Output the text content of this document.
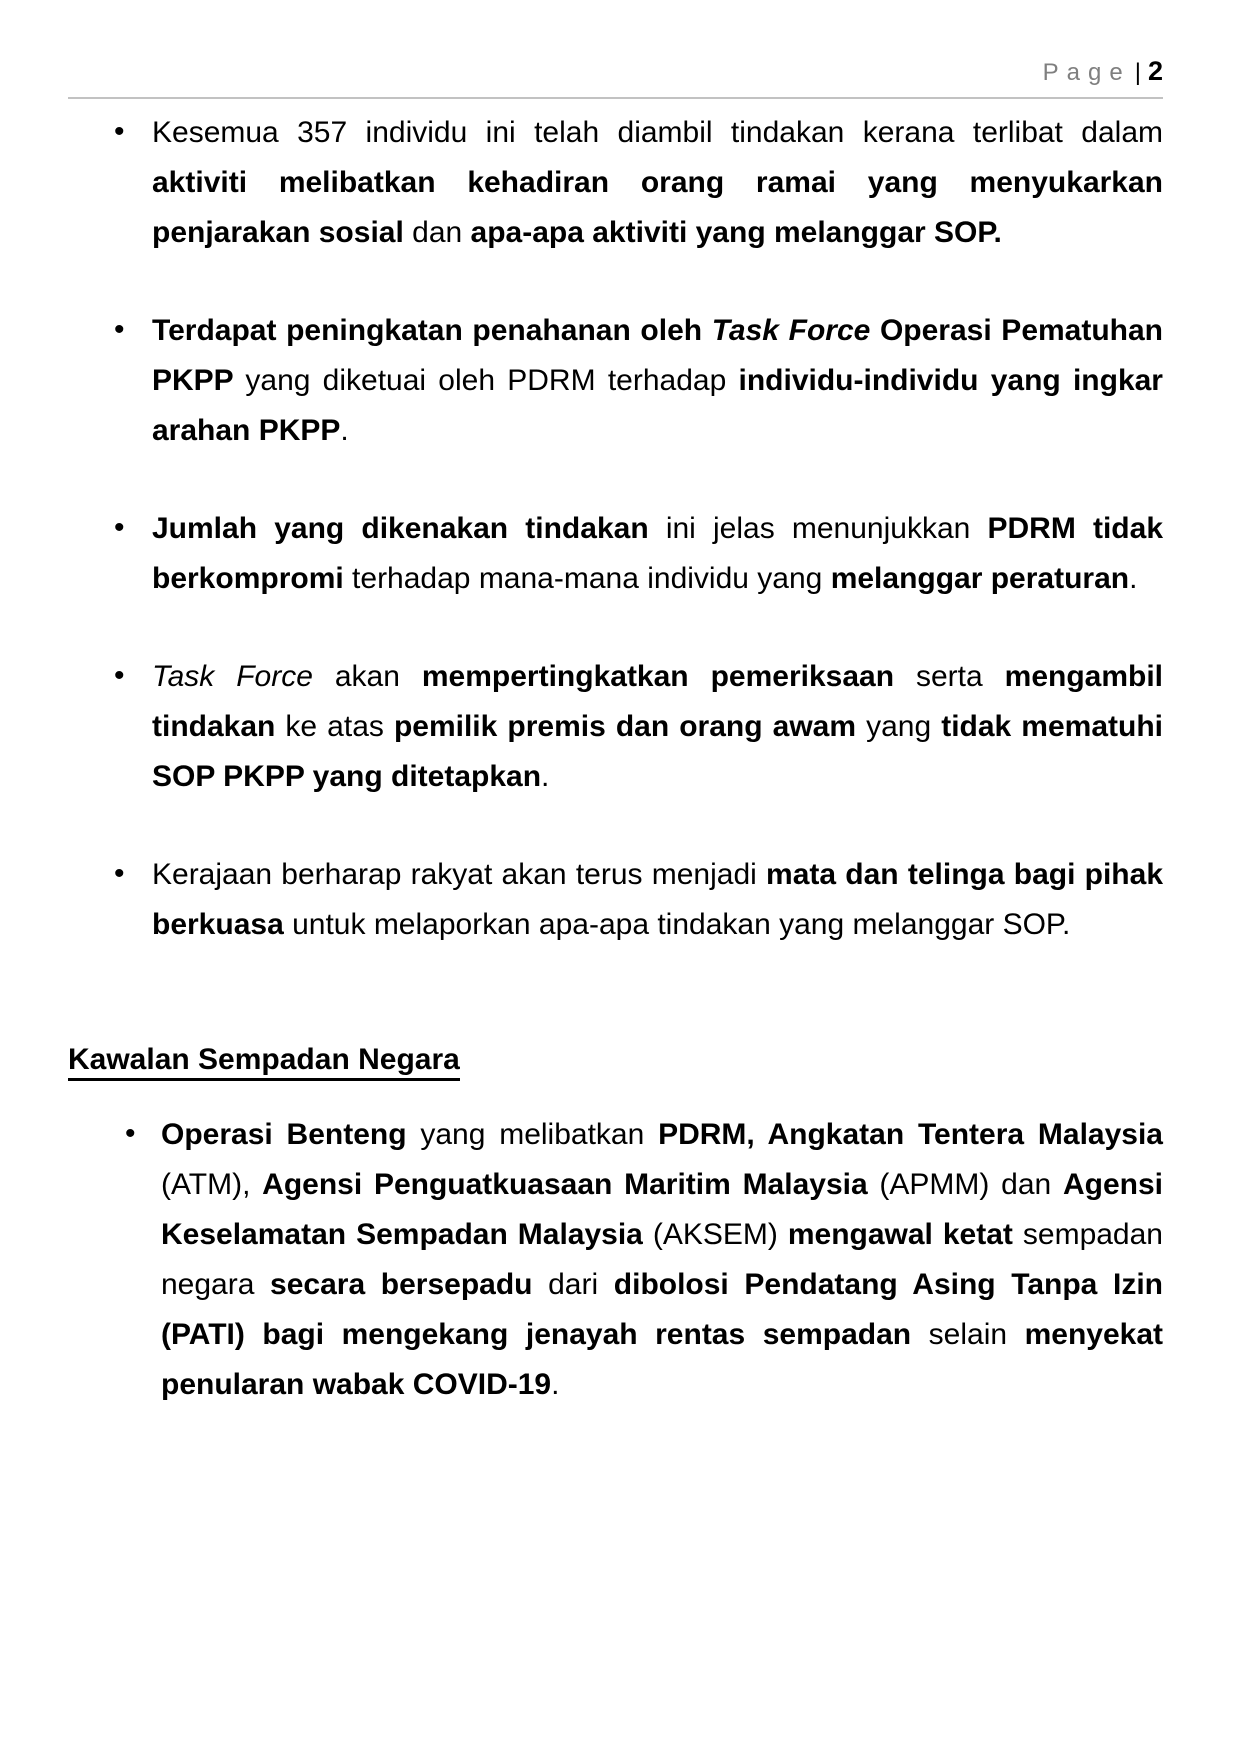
Page | 2
• Kesemua 357 individu ini telah diambil tindakan kerana terlibat dalam aktiviti melibatkan kehadiran orang ramai yang menyukarkan penjarakan sosial dan apa-apa aktiviti yang melanggar SOP.
• Terdapat peningkatan penahanan oleh Task Force Operasi Pematuhan PKPP yang diketuai oleh PDRM terhadap individu-individu yang ingkar arahan PKPP.
• Jumlah yang dikenakan tindakan ini jelas menunjukkan PDRM tidak berkompromi terhadap mana-mana individu yang melanggar peraturan.
• Task Force akan mempertingkatkan pemeriksaan serta mengambil tindakan ke atas pemilik premis dan orang awam yang tidak mematuhi SOP PKPP yang ditetapkan.
• Kerajaan berharap rakyat akan terus menjadi mata dan telinga bagi pihak berkuasa untuk melaporkan apa-apa tindakan yang melanggar SOP.
Kawalan Sempadan Negara
• Operasi Benteng yang melibatkan PDRM, Angkatan Tentera Malaysia (ATM), Agensi Penguatkuasaan Maritim Malaysia (APMM) dan Agensi Keselamatan Sempadan Malaysia (AKSEM) mengawal ketat sempadan negara secara bersepadu dari dibolosi Pendatang Asing Tanpa Izin (PATI) bagi mengekang jenayah rentas sempadan selain menyekat penularan wabak COVID-19.
